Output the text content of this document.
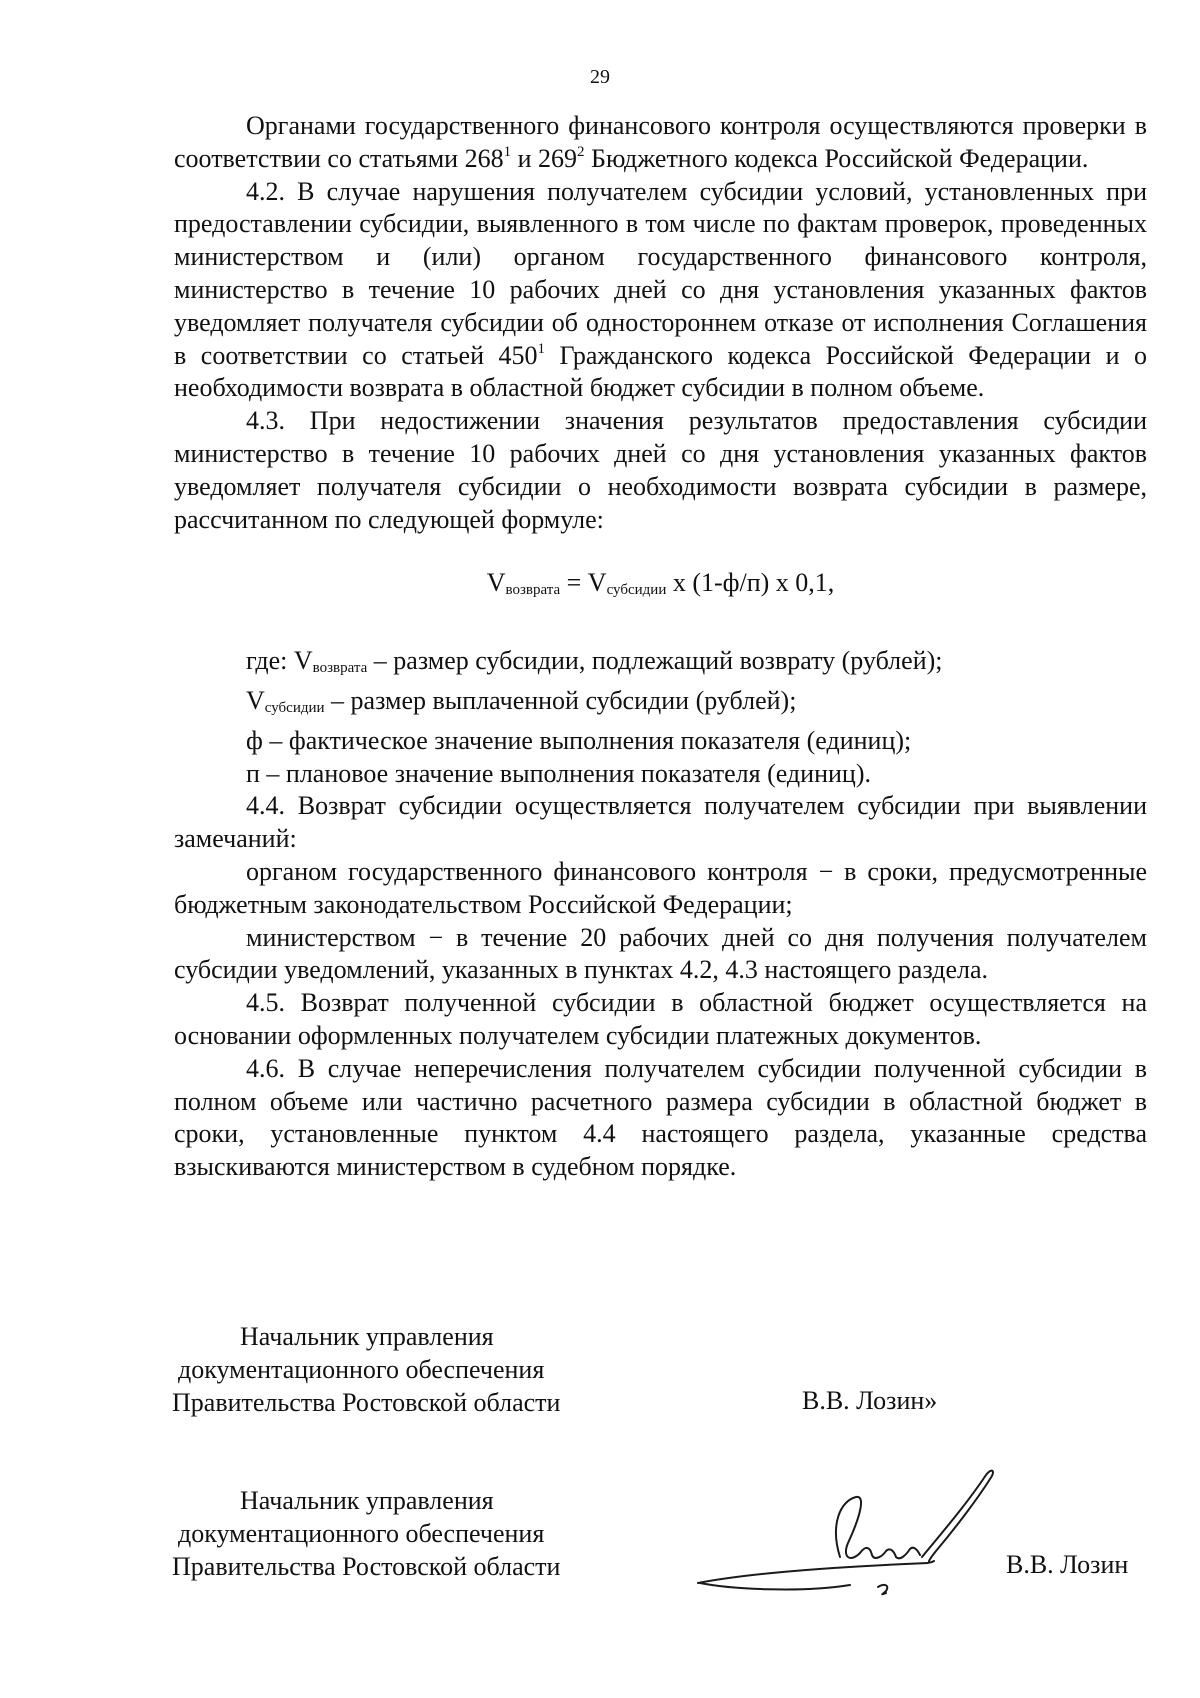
29

Органами государственного финансового контроля осуществляются проверки в соответствии со статьями $268^1$ и $269^2$ Бюджетного кодекса Российской Федерации.

4.2. В случае нарушения получателем субсидии условий, установленных при предоставлении субсидии, выявленного в том числе по фактам проверок, проведенных министерством и (или) органом государственного финансового контроля, министерство в течение 10 рабочих дней со дня установления указанных фактов уведомляет получателя субсидии об одностороннем отказе от исполнения Соглашения в соответствии со статьей $450^1$ Гражданского кодекса Российской Федерации и о необходимости возврата в областной бюджет субсидии в полном объеме.

4.3. При недостижении значения результатов предоставления субсидии министерство в течение 10 рабочих дней со дня установления указанных фактов уведомляет получателя субсидии о необходимости возврата субсидии в размере, рассчитанном по следующей формуле:

$V_{возврата} = V_{субсидии}$ х (1-ф/п) х 0,1,

где: $V_{возврата}$ – размер субсидии, подлежащий возврату (рублей);

$V_{субсидии}$ – размер выплаченной субсидии (рублей);

ф – фактическое значение выполнения показателя (единиц);

п – плановое значение выполнения показателя (единиц).

4.4. Возврат субсидии осуществляется получателем субсидии при выявлении замечаний:

органом государственного финансового контроля − в сроки, предусмотренные бюджетным законодательством Российской Федерации;

министерством − в течение 20 рабочих дней со дня получения получателем субсидии уведомлений, указанных в пунктах 4.2, 4.3 настоящего раздела.

4.5. Возврат полученной субсидии в областной бюджет осуществляется на основании оформленных получателем субсидии платежных документов.

4.6. В случае неперечисления получателем субсидии полученной субсидии в полном объеме или частично расчетного размера субсидии в областной бюджет в сроки, установленные пунктом 4.4 настоящего раздела, указанные средства взыскиваются министерством в судебном порядке.

Начальник управления
документационного обеспечения
Правительства Ростовской области	В.В. Лозин»
Начальник управления
документационного обеспечения
Правительства Ростовской области	В.В. Лозин
